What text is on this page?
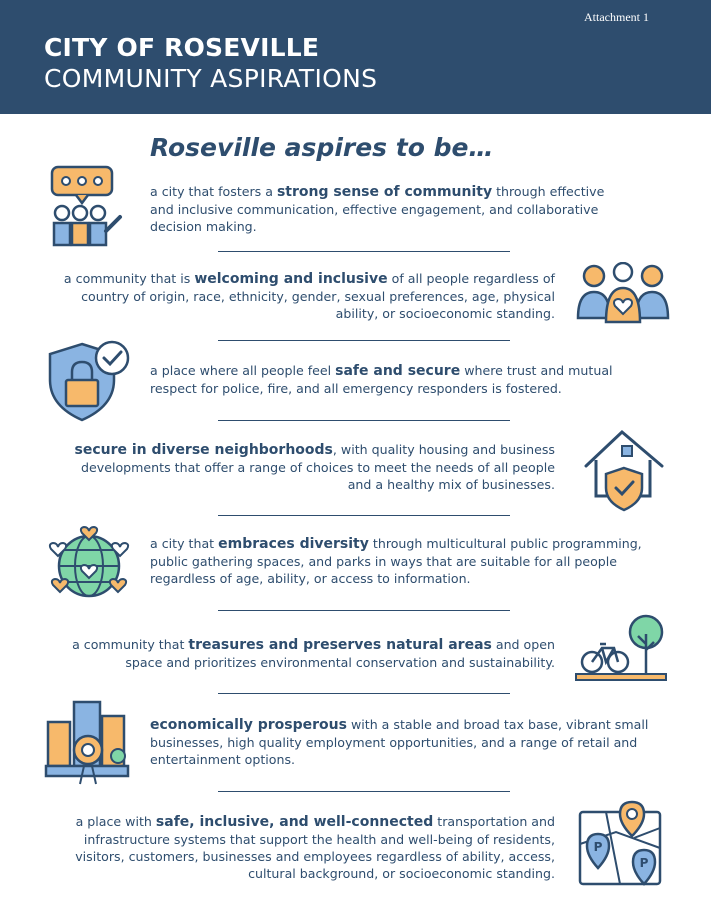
Attachment 1
CITY OF ROSEVILLE
COMMUNITY ASPIRATIONS
Roseville aspires to be…
a city that fosters a strong sense of community through effective and inclusive communication, effective engagement, and collaborative decision making.
a community that is welcoming and inclusive of all people regardless of country of origin, race, ethnicity, gender, sexual preferences, age, physical ability, or socioeconomic standing.
a place where all people feel safe and secure where trust and mutual respect for police, fire, and all emergency responders is fostered.
secure in diverse neighborhoods, with quality housing and business developments that offer a range of choices to meet the needs of all people and a healthy mix of businesses.
a city that embraces diversity through multicultural public programming, public gathering spaces, and parks in ways that are suitable for all people regardless of age, ability, or access to information.
a community that treasures and preserves natural areas and open space and prioritizes environmental conservation and sustainability.
economically prosperous with a stable and broad tax base, vibrant small businesses, high quality employment opportunities, and a range of retail and entertainment options.
a place with safe, inclusive, and well-connected transportation and infrastructure systems that support the health and well-being of residents, visitors, customers, businesses and employees regardless of ability, access, cultural background, or socioeconomic standing.
P
P
